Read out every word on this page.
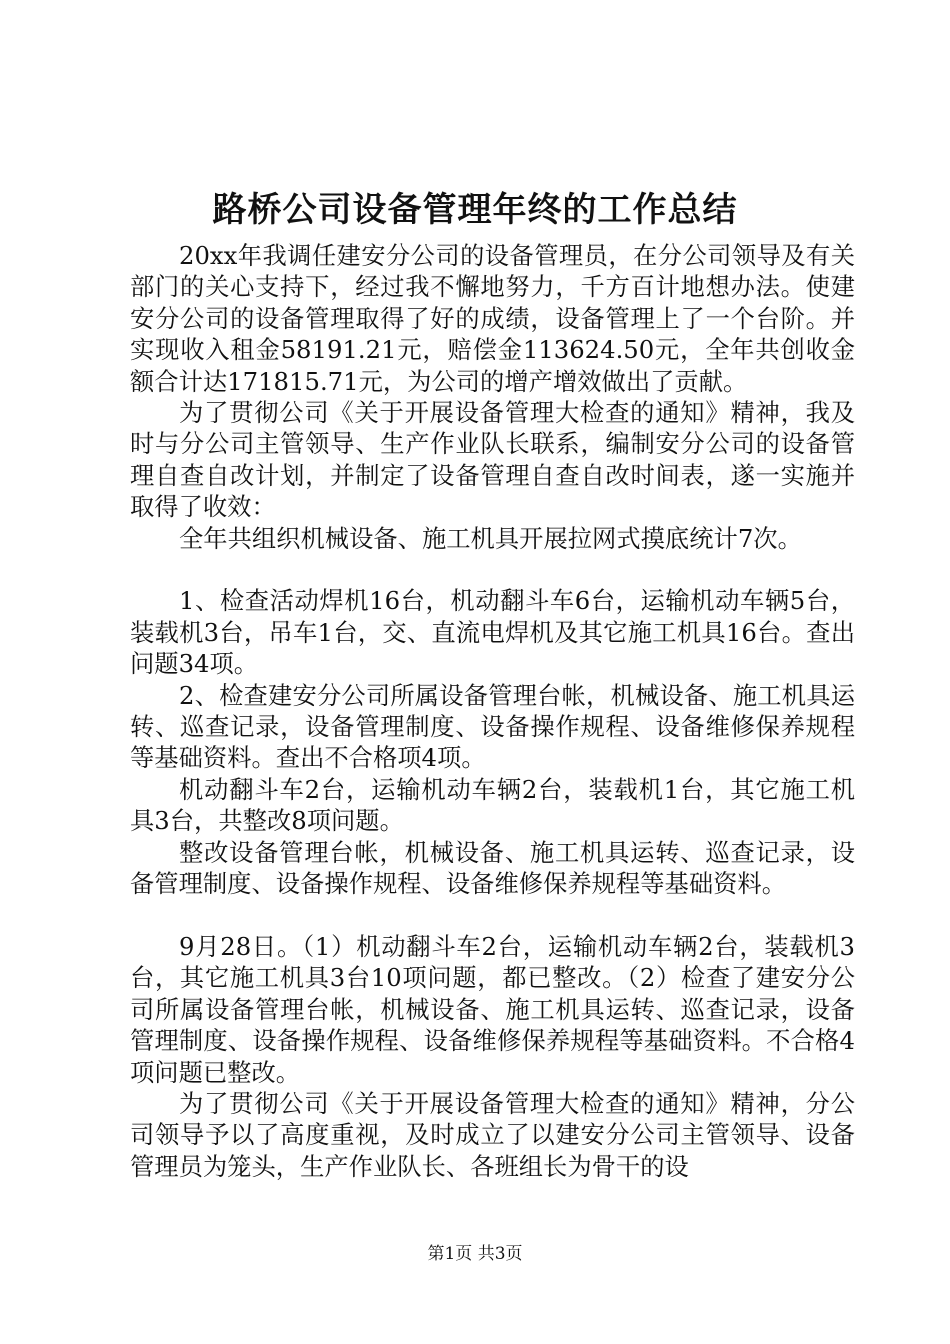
路桥公司设备管理年终的工作总结

20xx年我调任建安分公司的设备管理员，在分公司领导及有关部门的关心支持下，经过我不懈地努力，千方百计地想办法。使建安分公司的设备管理取得了好的成绩，设备管理上了一个台阶。并实现收入租金58191.21元，赔偿金113624.50元，全年共创收金额合计达171815.71元，为公司的增产增效做出了贡献。

为了贯彻公司《关于开展设备管理大检查的通知》精神，我及时与分公司主管领导、生产作业队长联系，编制安分公司的设备管理自查自改计划，并制定了设备管理自查自改时间表，遂一实施并取得了收效：

全年共组织机械设备、施工机具开展拉网式摸底统计7次。

1、检查活动焊机16台，机动翻斗车6台，运输机动车辆5台，装载机3台，吊车1台，交、直流电焊机及其它施工机具16台。查出问题34项。

2、检查建安分公司所属设备管理台帐，机械设备、施工机具运转、巡查记录，设备管理制度、设备操作规程、设备维修保养规程等基础资料。查出不合格项4项。

机动翻斗车2台，运输机动车辆2台，装载机1台，其它施工机具3台，共整改8项问题。

整改设备管理台帐，机械设备、施工机具运转、巡查记录，设备管理制度、设备操作规程、设备维修保养规程等基础资料。

9月28日。（1）机动翻斗车2台，运输机动车辆2台，装载机3台，其它施工机具3台10项问题，都已整改。（2）检查了建安分公司所属设备管理台帐，机械设备、施工机具运转、巡查记录，设备管理制度、设备操作规程、设备维修保养规程等基础资料。不合格4项问题已整改。

为了贯彻公司《关于开展设备管理大检查的通知》精神，分公司领导予以了高度重视，及时成立了以建安分公司主管领导、设备管理员为笼头，生产作业队长、各班组长为骨干的设

第1页 共3页
